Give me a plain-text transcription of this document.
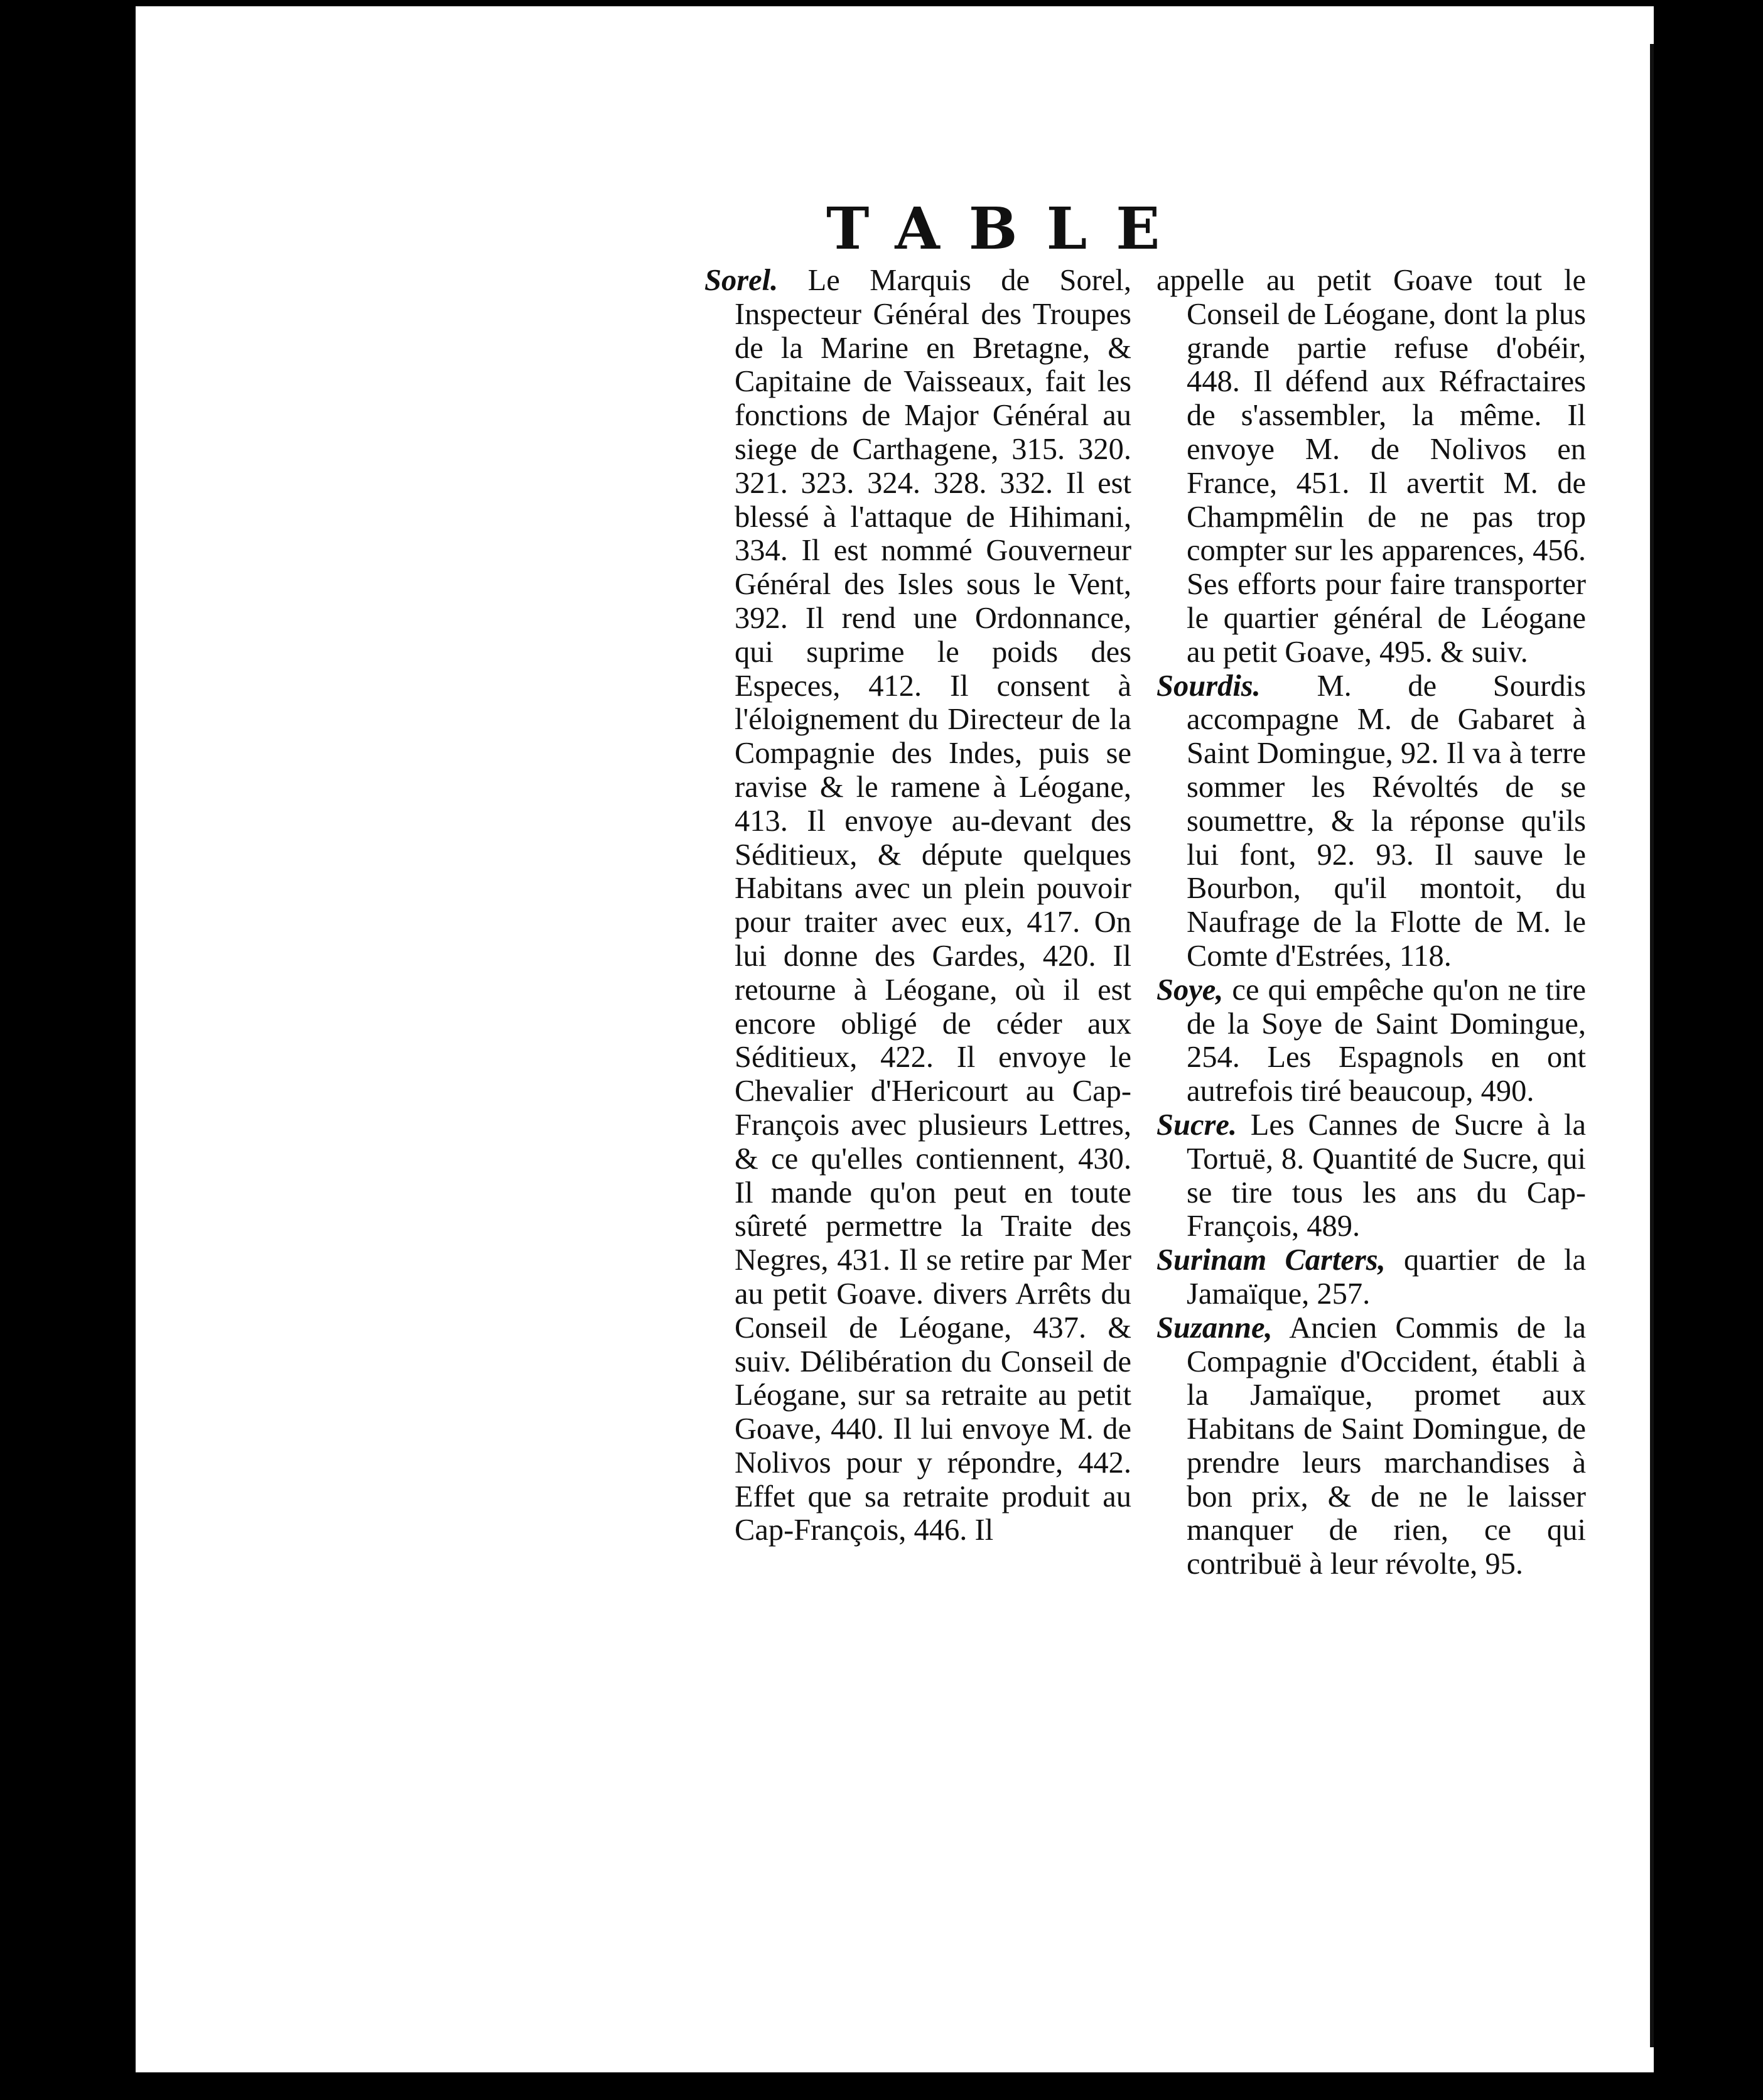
TABLE

Sorel. Le Marquis de Sorel, Inspecteur Général des Troupes de la Marine en Bretagne, & Capitaine de Vaisseaux, fait les fonctions de Major Général au siege de Carthagene, 315. 320. 321. 323. 324. 328. 332. Il est blessé à l'attaque de Hihimani, 334. Il est nommé Gouverneur Général des Isles sous le Vent, 392. Il rend une Ordonnance, qui suprime le poids des Especes, 412. Il consent à l'éloignement du Directeur de la Compagnie des Indes, puis se ravise & le ramene à Léogane, 413. Il envoye au-devant des Séditieux, & députe quelques Habitans avec un plein pouvoir pour traiter avec eux, 417. On lui donne des Gardes, 420. Il retourne à Léogane, où il est encore obligé de céder aux Séditieux, 422. Il envoye le Chevalier d'Hericourt au Cap-François avec plusieurs Lettres, & ce qu'elles contiennent, 430. Il mande qu'on peut en toute sûreté permettre la Traite des Negres, 431. Il se retire par Mer au petit Goave. divers Arrêts du Conseil de Léogane, 437. & suiv. Délibération du Conseil de Léogane, sur sa retraite au petit Goave, 440. Il lui envoye M. de Nolivos pour y répondre, 442. Effet que sa retraite produit au Cap-François, 446. Il

appelle au petit Goave tout le Conseil de Léogane, dont la plus grande partie refuse d'obéir, 448. Il défend aux Réfractaires de s'assembler, la même. Il envoye M. de Nolivos en France, 451. Il avertit M. de Champmêlin de ne pas trop compter sur les apparences, 456. Ses efforts pour faire transporter le quartier général de Léogane au petit Goave, 495. & suiv.

Sourdis. M. de Sourdis accompagne M. de Gabaret à Saint Domingue, 92. Il va à terre sommer les Révoltés de se soumettre, & la réponse qu'ils lui font, 92. 93. Il sauve le Bourbon, qu'il montoit, du Naufrage de la Flotte de M. le Comte d'Estrées, 118.

Soye, ce qui empêche qu'on ne tire de la Soye de Saint Domingue, 254. Les Espagnols en ont autrefois tiré beaucoup, 490.

Sucre. Les Cannes de Sucre à la Tortuë, 8. Quantité de Sucre, qui se tire tous les ans du Cap-François, 489.

Surinam Carters, quartier de la Jamaïque, 257.

Suzanne, Ancien Commis de la Compagnie d'Occident, établi à la Jamaïque, promet aux Habitans de Saint Domingue, de prendre leurs marchandises à bon prix, & de ne le laisser manquer de rien, ce qui contribuë à leur révolte, 95.
